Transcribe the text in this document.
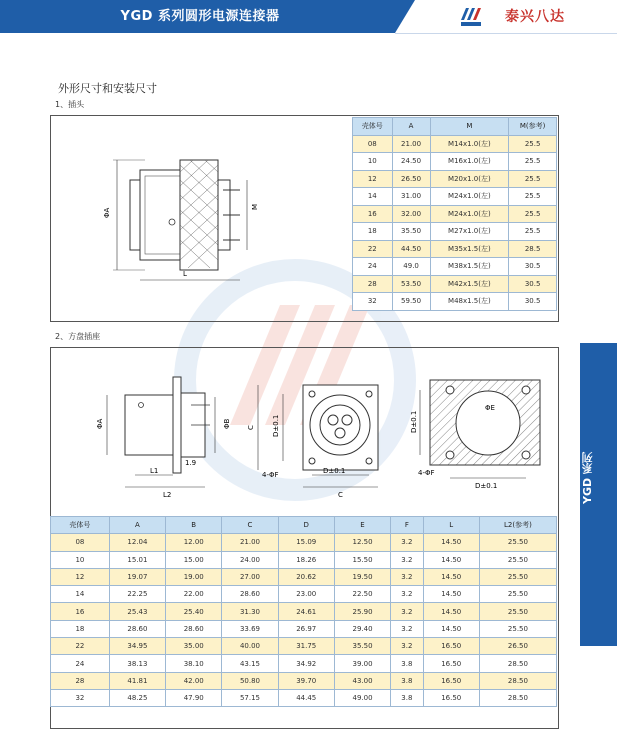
YGD 系列圆形电源连接器	泰兴八达
外形尺寸和安装尺寸
1、插头
2、方盘插座
ΦA
M
L
壳体号	A	M	M(参考)
08	21.00	M14x1.0(左)	25.5
10	24.50	M16x1.0(左)	25.5
12	26.50	M20x1.0(左)	25.5
14	31.00	M24x1.0(左)	25.5
16	32.00	M24x1.0(左)	25.5
18	35.50	M27x1.0(左)	25.5
22	44.50	M35x1.5(左)	28.5
24	49.0	M38x1.5(左)	30.5
28	53.50	M42x1.5(左)	30.5
32	59.50	M48x1.5(左)	30.5
ΦA	ΦB
1.9
L1
L2
C D±0.1
D±0.1
C
4-ΦF
ΦE
D±0.1
D±0.1
4-ΦF
壳体号	A	B	C	D	E	F	L	L2(参考)
08	12.04	12.00	21.00	15.09	12.50	3.2	14.50	25.50
10	15.01	15.00	24.00	18.26	15.50	3.2	14.50	25.50
12	19.07	19.00	27.00	20.62	19.50	3.2	14.50	25.50
14	22.25	22.00	28.60	23.00	22.50	3.2	14.50	25.50
16	25.43	25.40	31.30	24.61	25.90	3.2	14.50	25.50
18	28.60	28.60	33.69	26.97	29.40	3.2	14.50	25.50
22	34.95	35.00	40.00	31.75	35.50	3.2	16.50	26.50
24	38.13	38.10	43.15	34.92	39.00	3.8	16.50	28.50
28	41.81	42.00	50.80	39.70	43.00	3.8	16.50	28.50
32	48.25	47.90	57.15	44.45	49.00	3.8	16.50	28.50
YGD 系列
